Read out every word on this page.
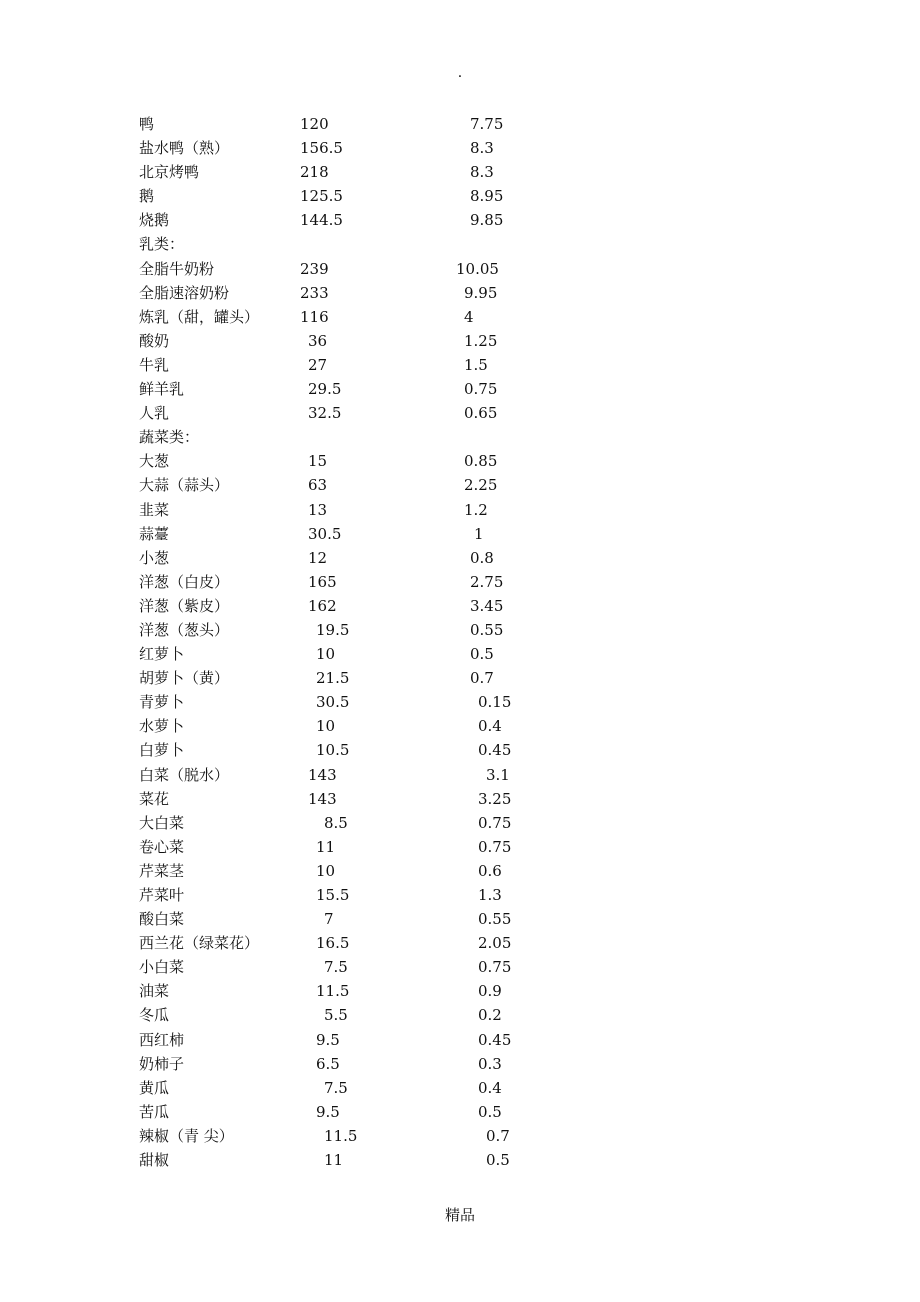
·
鸭	120	7.75
盐水鸭（熟）	156.5	8.3
北京烤鸭	218	8.3
鹅	125.5	8.95
烧鹅	144.5	9.85
乳类：
全脂牛奶粉	239	10.05
全脂速溶奶粉	233	9.95
炼乳（甜，罐头）	116	4
酸奶	36	1.25
牛乳	27	1.5
鲜羊乳	29.5	0.75
人乳	32.5	0.65
蔬菜类：
大葱	15	0.85
大蒜（蒜头）	63	2.25
韭菜	13	1.2
蒜薹	30.5	1
小葱	12	0.8
洋葱（白皮）	165	2.75
洋葱（紫皮）	162	3.45
洋葱（葱头）	19.5	0.55
红萝卜	10	0.5
胡萝卜（黄）	21.5	0.7
青萝卜	30.5	0.15
水萝卜	10	0.4
白萝卜	10.5	0.45
白菜（脱水）	143	3.1
菜花	143	3.25
大白菜	8.5	0.75
卷心菜	11	0.75
芹菜茎	10	0.6
芹菜叶	15.5	1.3
酸白菜	7	0.55
西兰花（绿菜花）	16.5	2.05
小白菜	7.5	0.75
油菜	11.5	0.9
冬瓜	5.5	0.2
西红柿	9.5	0.45
奶柿子	6.5	0.3
黄瓜	7.5	0.4
苦瓜	9.5	0.5
辣椒（青 尖）	11.5	0.7
甜椒	11	0.5
精品
